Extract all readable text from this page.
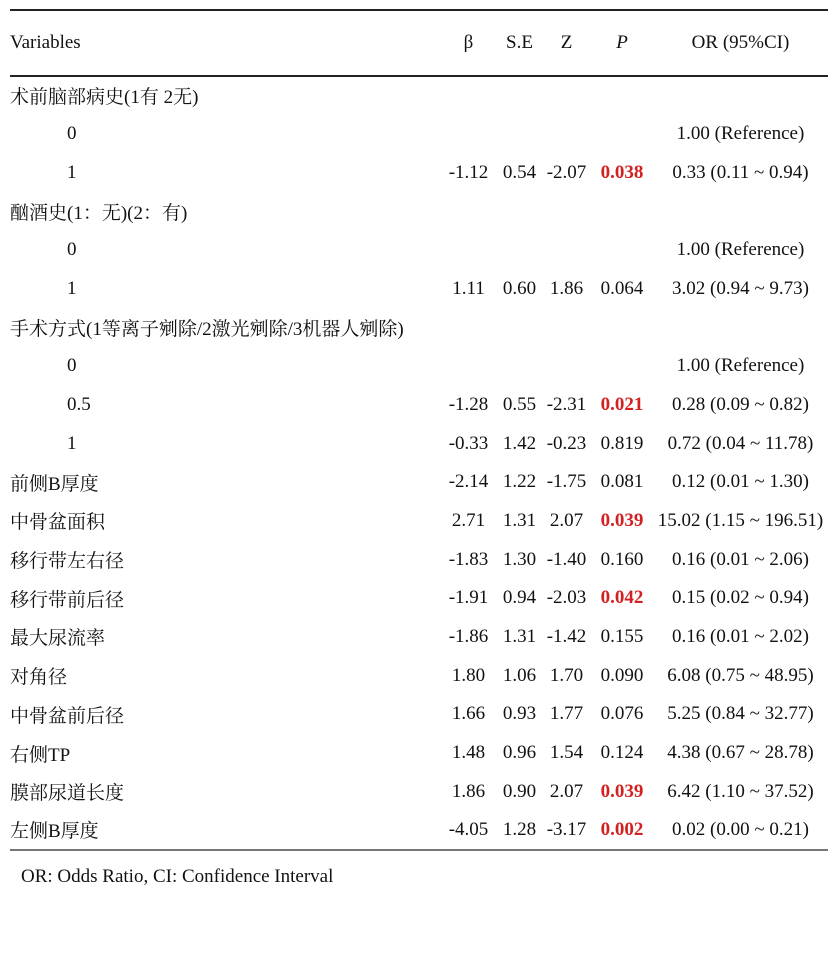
Variables	β	S.E	Z	P	OR (95%CI)
术前脑部病史(1有 2无)					
0					1.00 (Reference)
1	-1.12	0.54	-2.07	0.038	0.33 (0.11 ~ 0.94)
酗酒史(1：无)(2：有)					
0					1.00 (Reference)
1	1.11	0.60	1.86	0.064	3.02 (0.94 ~ 9.73)
手术方式(1等离子剜除/2激光剜除/3机器人剜除)					
0					1.00 (Reference)
0.5	-1.28	0.55	-2.31	0.021	0.28 (0.09 ~ 0.82)
1	-0.33	1.42	-0.23	0.819	0.72 (0.04 ~ 11.78)
前侧B厚度	-2.14	1.22	-1.75	0.081	0.12 (0.01 ~ 1.30)
中骨盆面积	2.71	1.31	2.07	0.039	15.02 (1.15 ~ 196.51)
移行带左右径	-1.83	1.30	-1.40	0.160	0.16 (0.01 ~ 2.06)
移行带前后径	-1.91	0.94	-2.03	0.042	0.15 (0.02 ~ 0.94)
最大尿流率	-1.86	1.31	-1.42	0.155	0.16 (0.01 ~ 2.02)
对角径	1.80	1.06	1.70	0.090	6.08 (0.75 ~ 48.95)
中骨盆前后径	1.66	0.93	1.77	0.076	5.25 (0.84 ~ 32.77)
右侧TP	1.48	0.96	1.54	0.124	4.38 (0.67 ~ 28.78)
膜部尿道长度	1.86	0.90	2.07	0.039	6.42 (1.10 ~ 37.52)
左侧B厚度	-4.05	1.28	-3.17	0.002	0.02 (0.00 ~ 0.21)
OR: Odds Ratio, CI: Confidence Interval
